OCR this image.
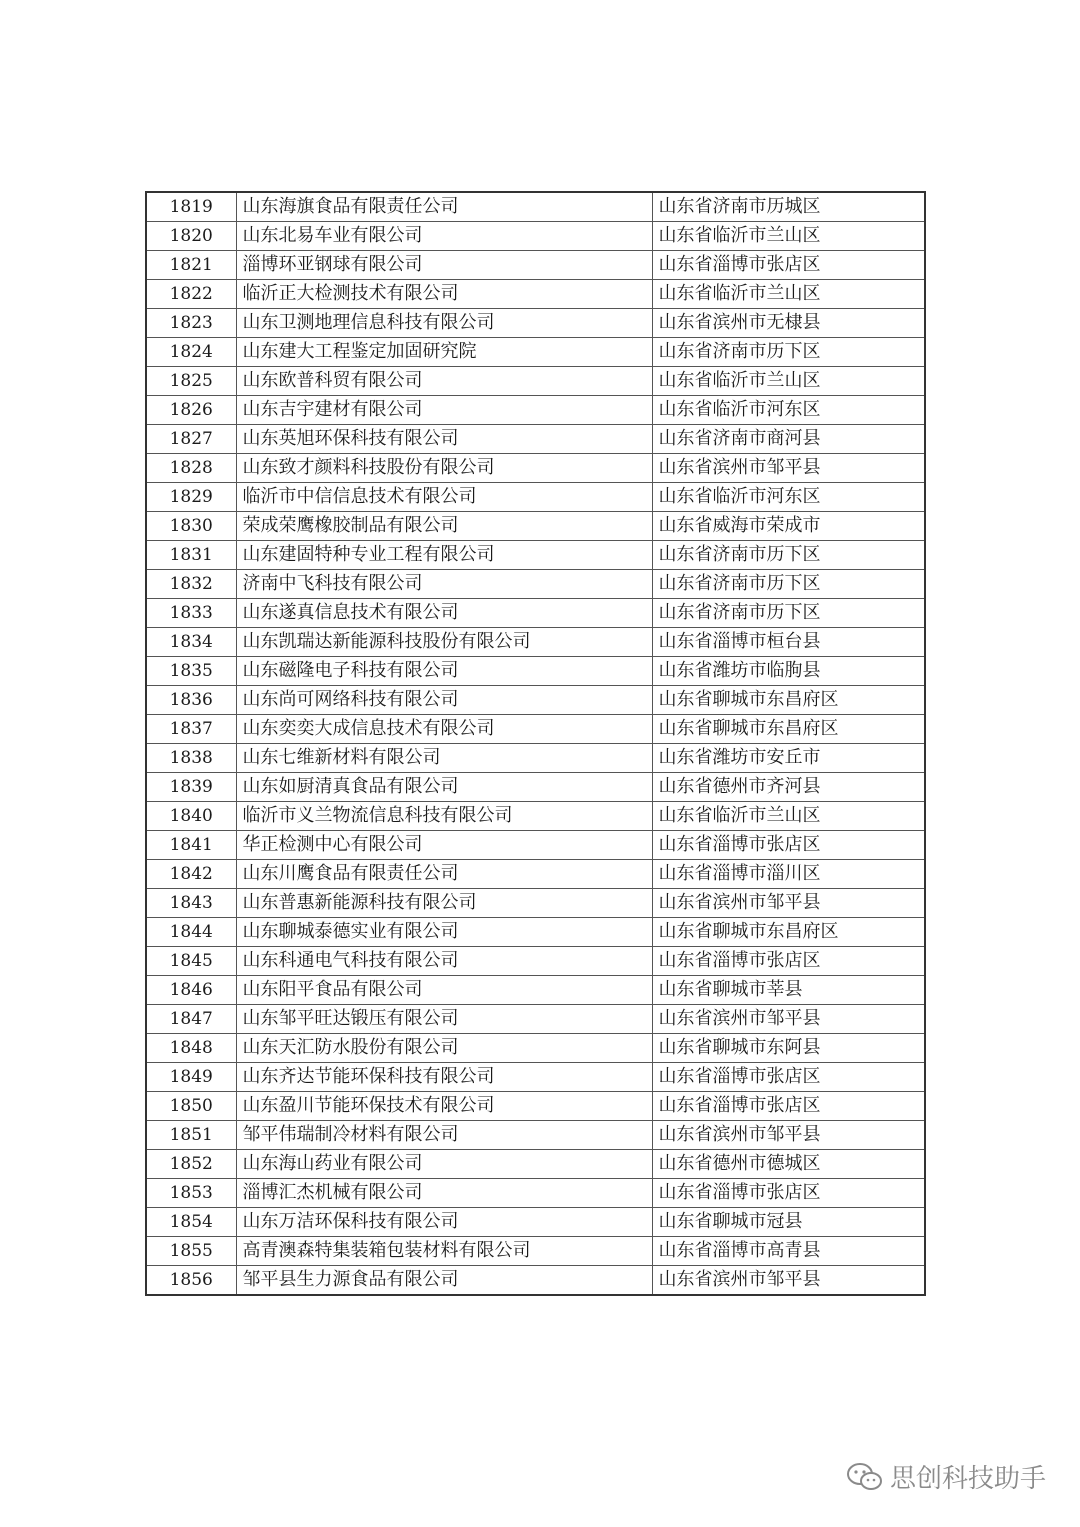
1819	山东海旗食品有限责任公司	山东省济南市历城区
1820	山东北易车业有限公司	山东省临沂市兰山区
1821	淄博环亚钢球有限公司	山东省淄博市张店区
1822	临沂正大检测技术有限公司	山东省临沂市兰山区
1823	山东卫测地理信息科技有限公司	山东省滨州市无棣县
1824	山东建大工程鉴定加固研究院	山东省济南市历下区
1825	山东欧普科贸有限公司	山东省临沂市兰山区
1826	山东吉宇建材有限公司	山东省临沂市河东区
1827	山东英旭环保科技有限公司	山东省济南市商河县
1828	山东致才颜料科技股份有限公司	山东省滨州市邹平县
1829	临沂市中信信息技术有限公司	山东省临沂市河东区
1830	荣成荣鹰橡胶制品有限公司	山东省威海市荣成市
1831	山东建固特种专业工程有限公司	山东省济南市历下区
1832	济南中飞科技有限公司	山东省济南市历下区
1833	山东遂真信息技术有限公司	山东省济南市历下区
1834	山东凯瑞达新能源科技股份有限公司	山东省淄博市桓台县
1835	山东磁隆电子科技有限公司	山东省潍坊市临朐县
1836	山东尚可网络科技有限公司	山东省聊城市东昌府区
1837	山东奕奕大成信息技术有限公司	山东省聊城市东昌府区
1838	山东七维新材料有限公司	山东省潍坊市安丘市
1839	山东如厨清真食品有限公司	山东省德州市齐河县
1840	临沂市义兰物流信息科技有限公司	山东省临沂市兰山区
1841	华正检测中心有限公司	山东省淄博市张店区
1842	山东川鹰食品有限责任公司	山东省淄博市淄川区
1843	山东普惠新能源科技有限公司	山东省滨州市邹平县
1844	山东聊城泰德实业有限公司	山东省聊城市东昌府区
1845	山东科通电气科技有限公司	山东省淄博市张店区
1846	山东阳平食品有限公司	山东省聊城市莘县
1847	山东邹平旺达锻压有限公司	山东省滨州市邹平县
1848	山东天汇防水股份有限公司	山东省聊城市东阿县
1849	山东齐达节能环保科技有限公司	山东省淄博市张店区
1850	山东盈川节能环保技术有限公司	山东省淄博市张店区
1851	邹平伟瑞制冷材料有限公司	山东省滨州市邹平县
1852	山东海山药业有限公司	山东省德州市德城区
1853	淄博汇杰机械有限公司	山东省淄博市张店区
1854	山东万洁环保科技有限公司	山东省聊城市冠县
1855	高青澳森特集装箱包装材料有限公司	山东省淄博市高青县
1856	邹平县生力源食品有限公司	山东省滨州市邹平县
思创科技助手
